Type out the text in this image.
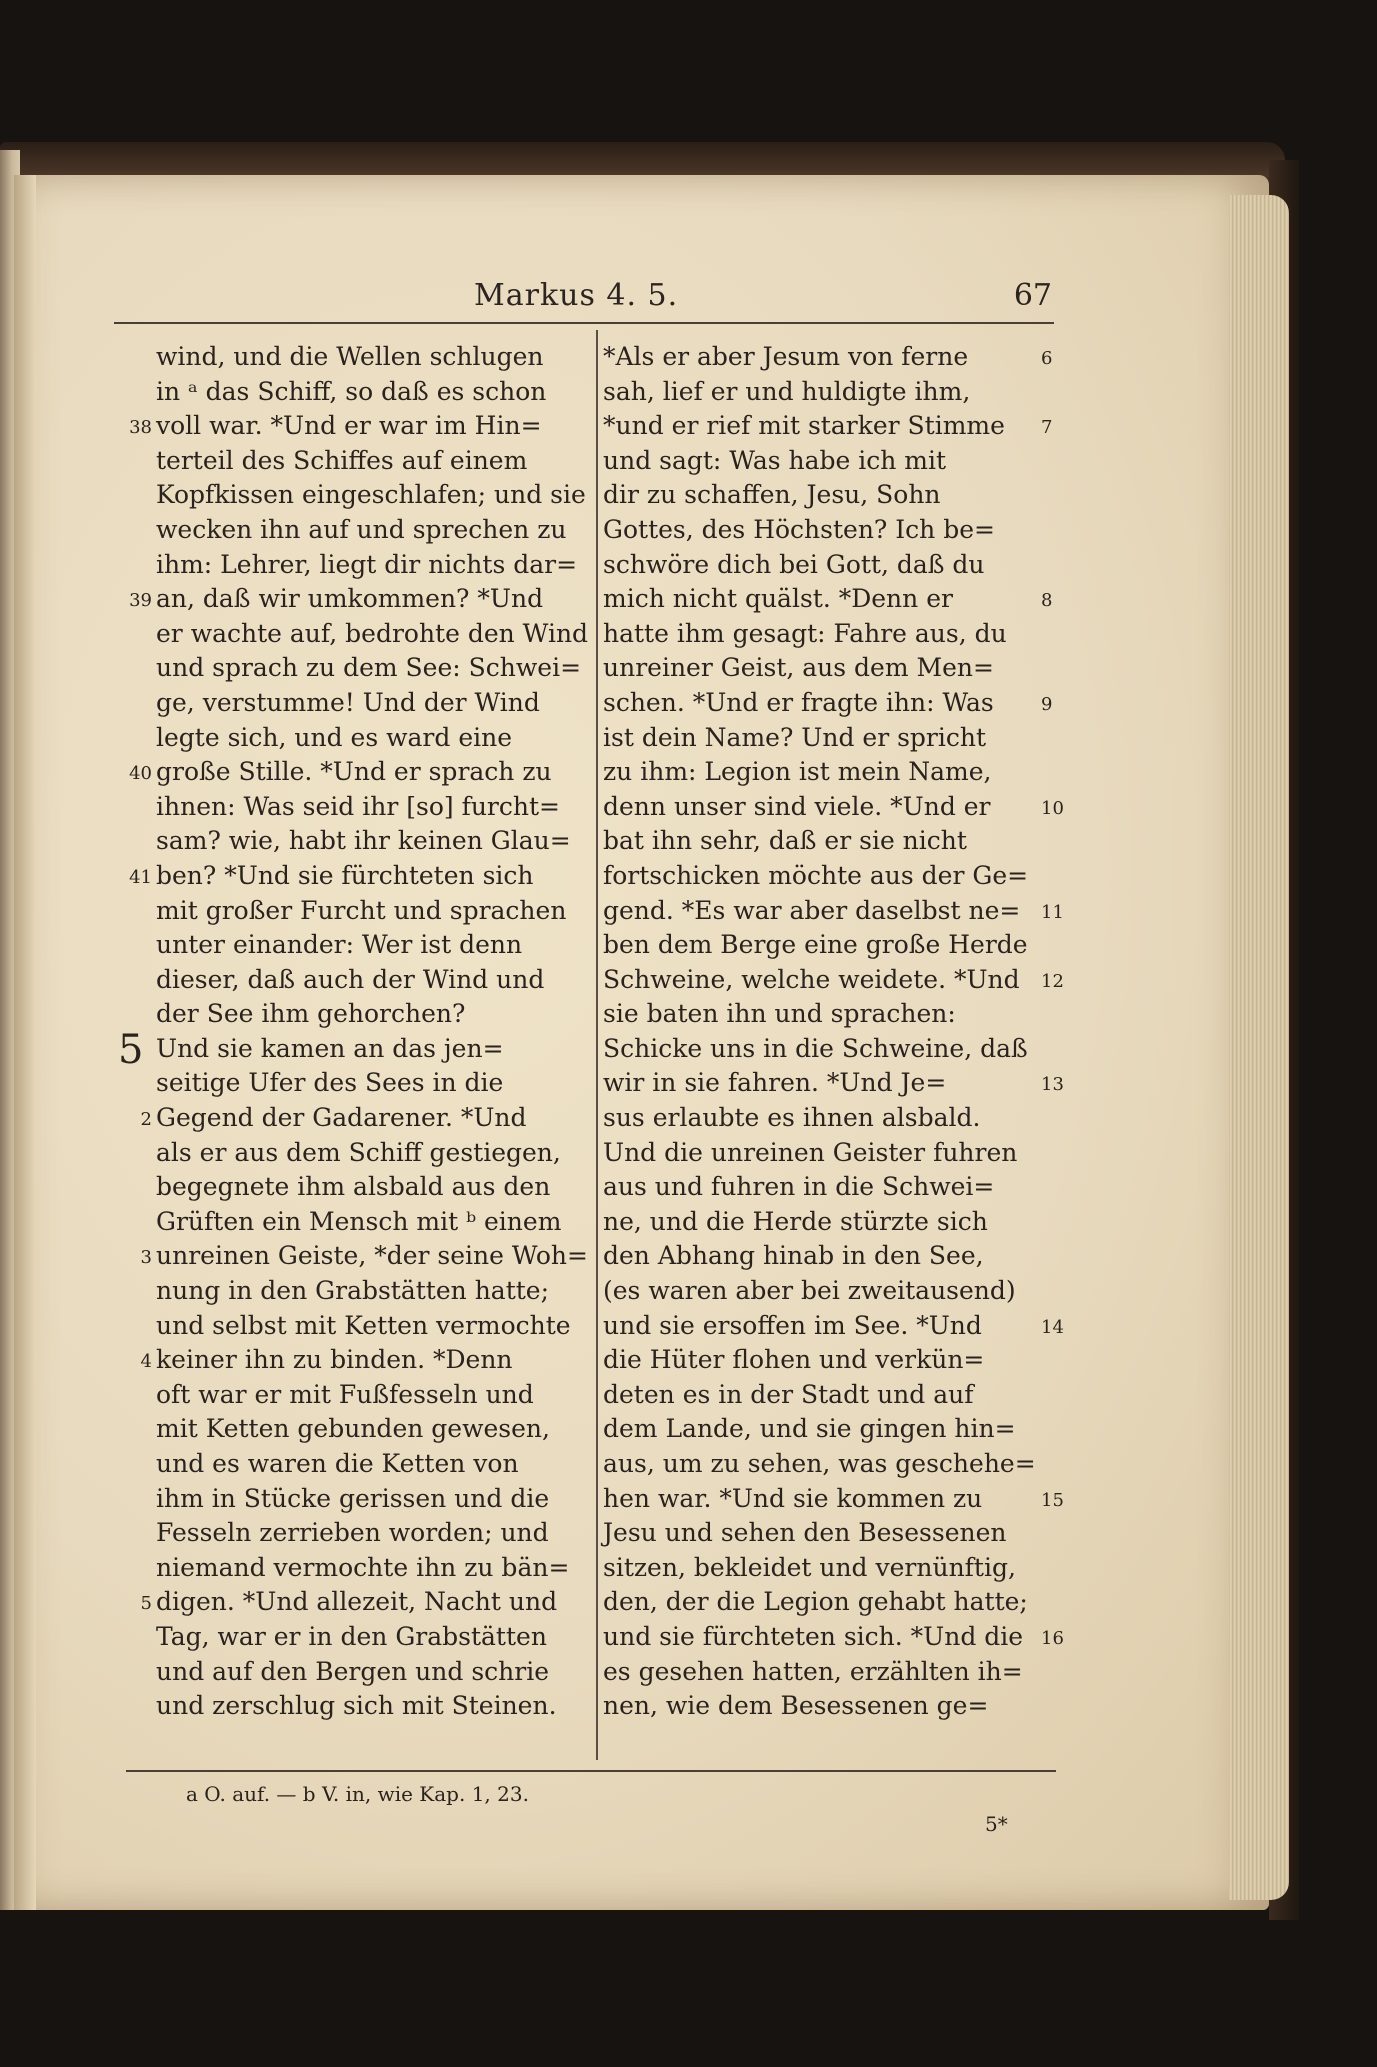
Markus 4. 5.	67
wind, und die Wellen schlugen
in ᵃ das Schiff, so daß es schon
38 voll war. *Und er war im Hin=
terteil des Schiffes auf einem
Kopfkissen eingeschlafen; und sie
wecken ihn auf und sprechen zu
ihm: Lehrer, liegt dir nichts dar=
39 an, daß wir umkommen? *Und
er wachte auf, bedrohte den Wind
und sprach zu dem See: Schwei=
ge, verstumme! Und der Wind
legte sich, und es ward eine
40 große Stille. *Und er sprach zu
ihnen: Was seid ihr [so] furcht=
sam? wie, habt ihr keinen Glau=
41 ben? *Und sie fürchteten sich
mit großer Furcht und sprachen
unter einander: Wer ist denn
dieser, daß auch der Wind und
der See ihm gehorchen?
5 Und sie kamen an das jen=
seitige Ufer des Sees in die
2 Gegend der Gadarener. *Und
als er aus dem Schiff gestiegen,
begegnete ihm alsbald aus den
Grüften ein Mensch mit ᵇ einem
3 unreinen Geiste, *der seine Woh=
nung in den Grabstätten hatte;
und selbst mit Ketten vermochte
4 keiner ihn zu binden. *Denn
oft war er mit Fußfesseln und
mit Ketten gebunden gewesen,
und es waren die Ketten von
ihm in Stücke gerissen und die
Fesseln zerrieben worden; und
niemand vermochte ihn zu bän=
5 digen. *Und allezeit, Nacht und
Tag, war er in den Grabstätten
und auf den Bergen und schrie
und zerschlug sich mit Steinen.
6
*Als er aber Jesum von ferne
sah, lief er und huldigte ihm,
7
*und er rief mit starker Stimme
und sagt: Was habe ich mit
dir zu schaffen, Jesu, Sohn
Gottes, des Höchsten? Ich be=
schwöre dich bei Gott, daß du
8
mich nicht quälst. *Denn er
hatte ihm gesagt: Fahre aus, du
unreiner Geist, aus dem Men=
9
schen. *Und er fragte ihn: Was
ist dein Name? Und er spricht
zu ihm: Legion ist mein Name,
10
denn unser sind viele. *Und er
bat ihn sehr, daß er sie nicht
fortschicken möchte aus der Ge=
11
gend. *Es war aber daselbst ne=
ben dem Berge eine große Herde
12
Schweine, welche weidete. *Und
sie baten ihn und sprachen:
Schicke uns in die Schweine, daß
13
wir in sie fahren. *Und Je=
sus erlaubte es ihnen alsbald.
Und die unreinen Geister fuhren
aus und fuhren in die Schwei=
ne, und die Herde stürzte sich
den Abhang hinab in den See,
(es waren aber bei zweitausend)
14
und sie ersoffen im See. *Und
die Hüter flohen und verkün=
deten es in der Stadt und auf
dem Lande, und sie gingen hin=
aus, um zu sehen, was geschehe=
15
hen war. *Und sie kommen zu
Jesu und sehen den Besessenen
sitzen, bekleidet und vernünftig,
den, der die Legion gehabt hatte;
16
und sie fürchteten sich. *Und die
es gesehen hatten, erzählten ih=
nen, wie dem Besessenen ge=
a O. auf. — b V. in, wie Kap. 1, 23.
5*
